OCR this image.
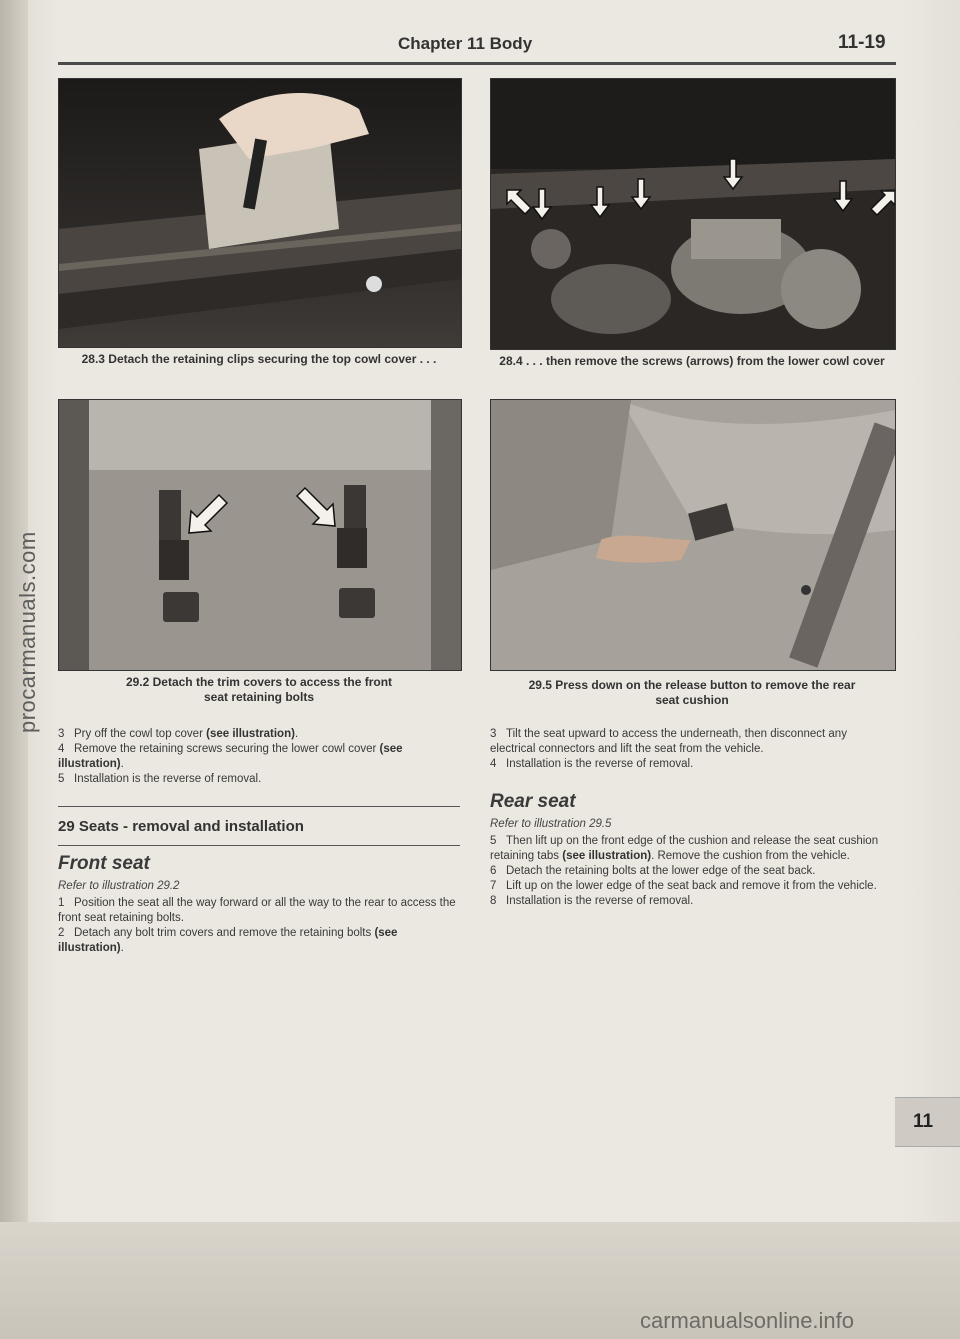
Chapter 11 Body	11-19
28.3 Detach the retaining clips securing the top cowl cover . . .	28.4 . . . then remove the screws (arrows) from the lower cowl cover
29.2 Detach the trim covers to access the front seat retaining bolts
29.5 Press down on the release button to remove the rear seat cushion

3 Pry off the cowl top cover (see illustration).

4 Remove the retaining screws securing the lower cowl cover (see illustration).

5 Installation is the reverse of removal.

29 Seats - removal and installation
Front seat
Refer to illustration 29.2

1 Position the seat all the way forward or all the way to the rear to access the front seat retaining bolts.

2 Detach any bolt trim covers and remove the retaining bolts (see illustration).

3 Tilt the seat upward to access the underneath, then disconnect any electrical connectors and lift the seat from the vehicle.

4 Installation is the reverse of removal.

Rear seat
Refer to illustration 29.5

5 Then lift up on the front edge of the cushion and release the seat cushion retaining tabs (see illustration). Remove the cushion from the vehicle.

6 Detach the retaining bolts at the lower edge of the seat back.

7 Lift up on the lower edge of the seat back and remove it from the vehicle.

8 Installation is the reverse of removal.

11
procarmanuals.com
carmanualsonline.info
